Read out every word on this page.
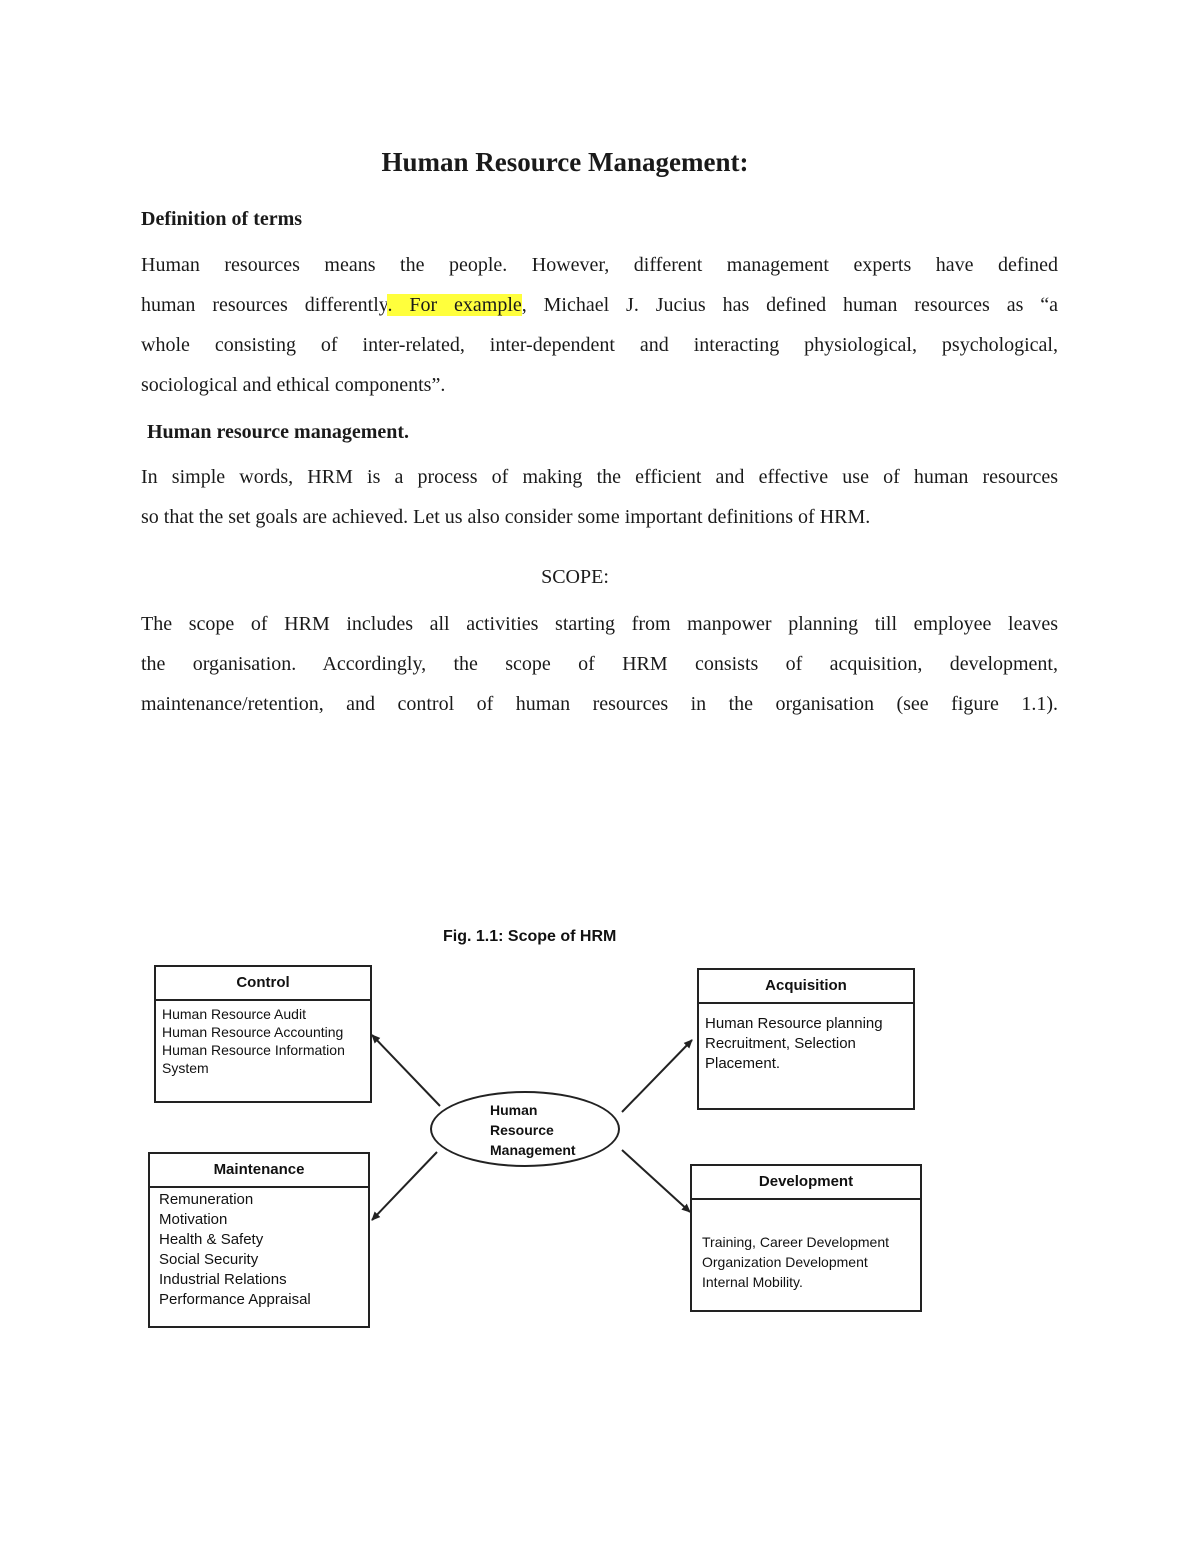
Human Resource Management:
Definition of terms
Human resources means the people. However, different management experts have defined
human resources differently. For example, Michael J. Jucius has defined human resources as “a
whole consisting of inter-related, inter-dependent and interacting physiological, psychological,
sociological and ethical components”.
Human resource management.
In simple words, HRM is a process of making the efficient and effective use of human resources
so that the set goals are achieved. Let us also consider some important definitions of HRM.

SCOPE:

The scope of HRM includes all activities starting from manpower planning till employee leaves
the organisation. Accordingly, the scope of HRM consists of acquisition, development,
maintenance/retention, and control of human resources in the organisation (see figure 1.1).
Fig. 1.1: Scope of HRM
Control
Human Resource Audit
Human Resource Accounting
Human Resource Information
System
Acquisition
Human Resource planning
Recruitment, Selection
Placement.
Human
Resource
Management
Maintenance
Remuneration
Motivation
Health & Safety
Social Security
Industrial Relations
Performance Appraisal
Development
Training, Career Development
Organization Development
Internal Mobility.
